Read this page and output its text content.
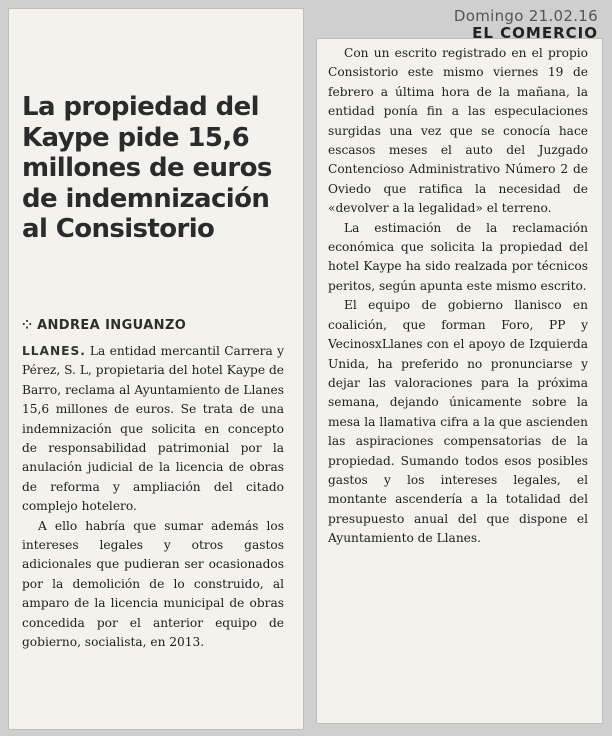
Domingo 21.02.16
EL COMERCIO
La propiedad del Kaype pide 15,6 millones de euros de indemnización al Consistorio
⁘ ANDREA INGUANZO

LLANES. La entidad mercantil Carrera y Pérez, S. L, propietaria del hotel Kaype de Barro, reclama al Ayuntamiento de Llanes 15,6 millones de euros. Se trata de una indemnización que solicita en concepto de responsabilidad patrimonial por la anulación judicial de la licencia de obras de reforma y ampliación del citado complejo hotelero.

A ello habría que sumar además los intereses legales y otros gastos adicionales que pudieran ser ocasionados por la demolición de lo construido, al amparo de la licencia municipal de obras concedida por el anterior equipo de gobierno, socialista, en 2013.

Con un escrito registrado en el propio Consistorio este mismo viernes 19 de febrero a última hora de la mañana, la entidad ponía fin a las especulaciones surgidas una vez que se conocía hace escasos meses el auto del Juzgado Contencioso Administrativo Número 2 de Oviedo que ratifica la necesidad de «devolver a la legalidad» el terreno.

La estimación de la reclamación económica que solicita la propiedad del hotel Kaype ha sido realzada por técnicos peritos, según apunta este mismo escrito.

El equipo de gobierno llanisco en coalición, que forman Foro, PP y VecinosxLlanes con el apoyo de Izquierda Unida, ha preferido no pronunciarse y dejar las valoraciones para la próxima semana, dejando únicamente sobre la mesa la llamativa cifra a la que ascienden las aspiraciones compensatorias de la propiedad. Sumando todos esos posibles gastos y los intereses legales, el montante ascendería a la totalidad del presupuesto anual del que dispone el Ayuntamiento de Llanes.
